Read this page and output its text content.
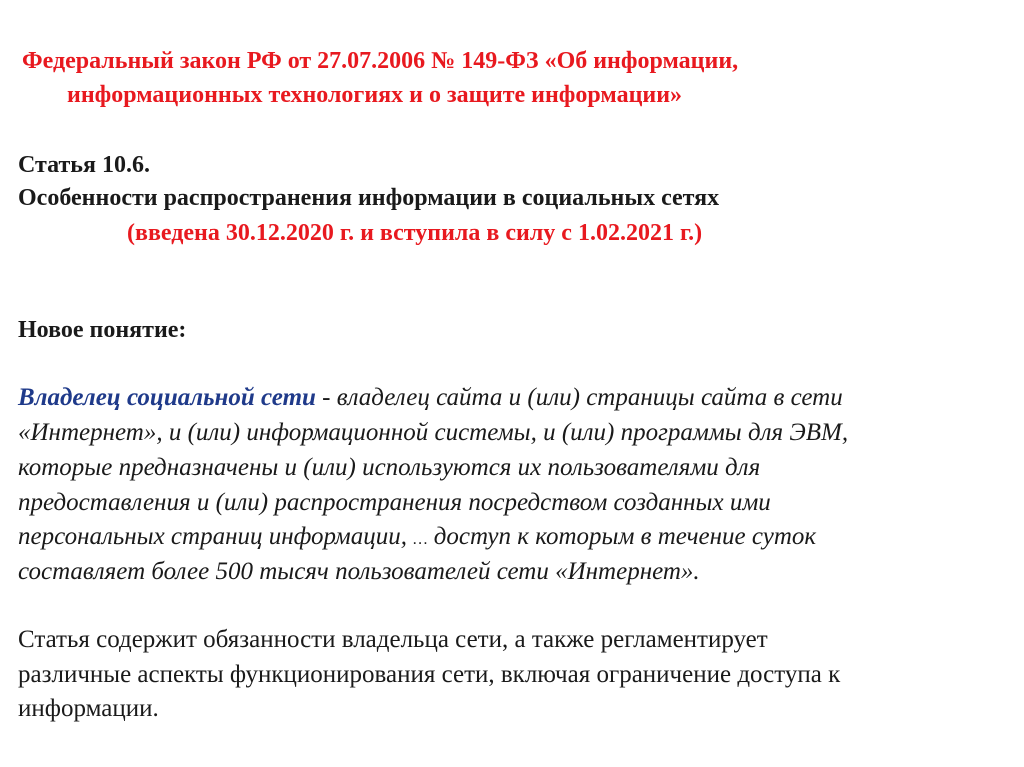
Федеральный закон РФ от 27.07.2006 № 149-ФЗ «Об информации,
информационных технологиях и о защите информации»
Статья 10.6.
Особенности распространения информации в социальных сетях
(введена 30.12.2020 г. и вступила в силу с 1.02.2021 г.)
Новое понятие:
Владелец социальной сети - владелец сайта и (или) страницы сайта в сети
«Интернет», и (или) информационной системы, и (или) программы для ЭВМ,
которые предназначены и (или) используются их пользователями для
предоставления и (или) распространения посредством созданных ими
персональных страниц информации, … доступ к которым в течение суток
составляет более 500 тысяч пользователей сети «Интернет».
Статья содержит обязанности владельца сети, а также регламентирует
различные аспекты функционирования сети, включая ограничение доступа к
информации.
